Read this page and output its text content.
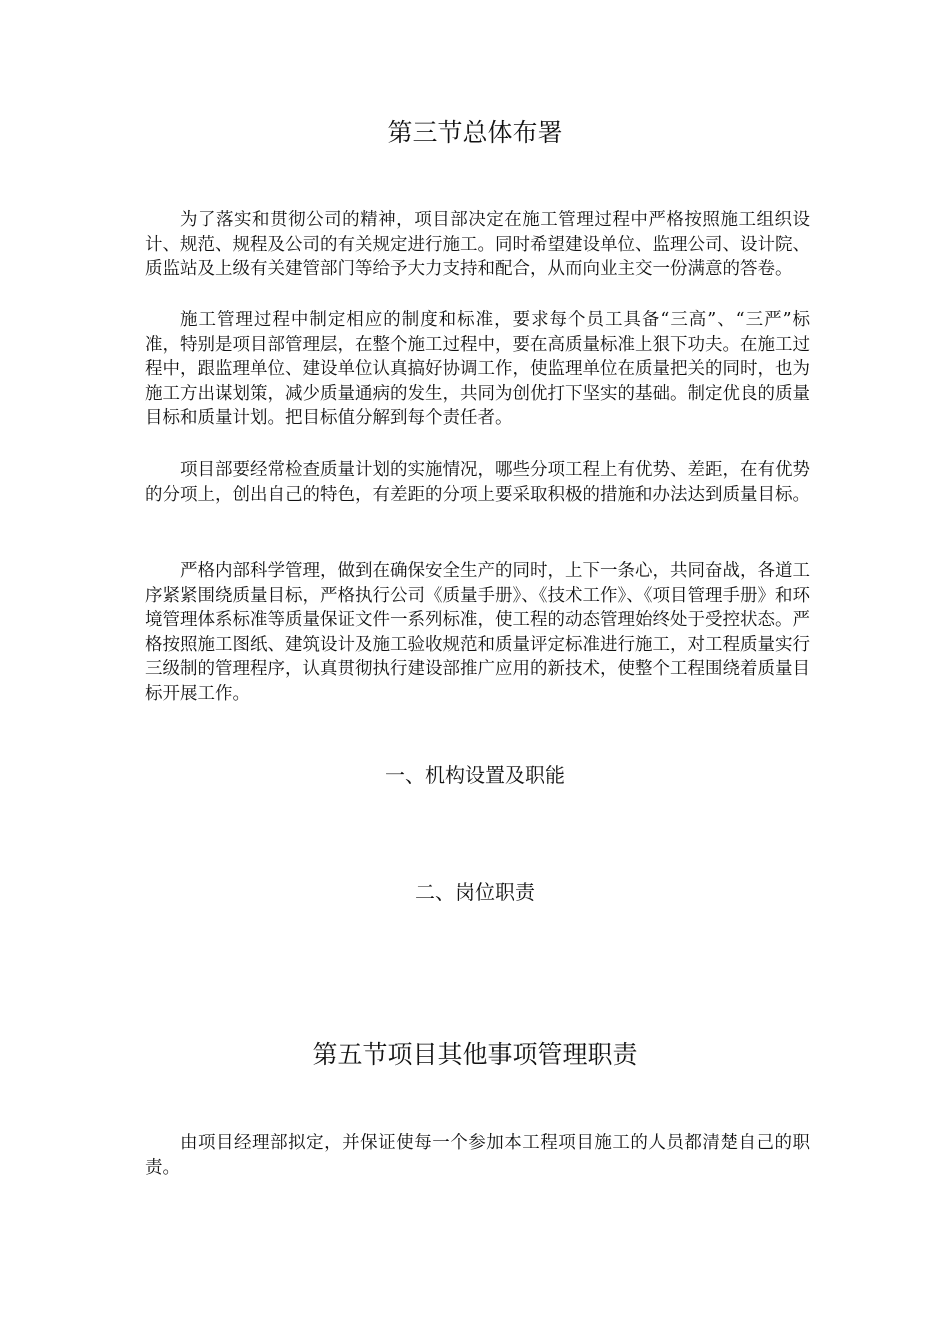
第三节总体布署

为了落实和贯彻公司的精神，项目部决定在施工管理过程中严格按照施工组织设计、规范、规程及公司的有关规定进行施工。同时希望建设单位、监理公司、设计院、质监站及上级有关建管部门等给予大力支持和配合，从而向业主交一份满意的答卷。

施工管理过程中制定相应的制度和标准，要求每个员工具备“三高”、“三严”标准，特别是项目部管理层，在整个施工过程中，要在高质量标准上狠下功夫。在施工过程中，跟监理单位、建设单位认真搞好协调工作，使监理单位在质量把关的同时，也为施工方出谋划策，减少质量通病的发生，共同为创优打下坚实的基础。制定优良的质量目标和质量计划。把目标值分解到每个责任者。

项目部要经常检查质量计划的实施情况，哪些分项工程上有优势、差距，在有优势的分项上，创出自己的特色，有差距的分项上要采取积极的措施和办法达到质量目标。

严格内部科学管理，做到在确保安全生产的同时，上下一条心，共同奋战，各道工序紧紧围绕质量目标，严格执行公司《质量手册》、《技术工作》、《项目管理手册》和环境管理体系标准等质量保证文件一系列标准，使工程的动态管理始终处于受控状态。严格按照施工图纸、建筑设计及施工验收规范和质量评定标准进行施工，对工程质量实行三级制的管理程序，认真贯彻执行建设部推广应用的新技术，使整个工程围绕着质量目标开展工作。

一、机构设置及职能
二、岗位职责
第五节项目其他事项管理职责

由项目经理部拟定，并保证使每一个参加本工程项目施工的人员都清楚自己的职责。
